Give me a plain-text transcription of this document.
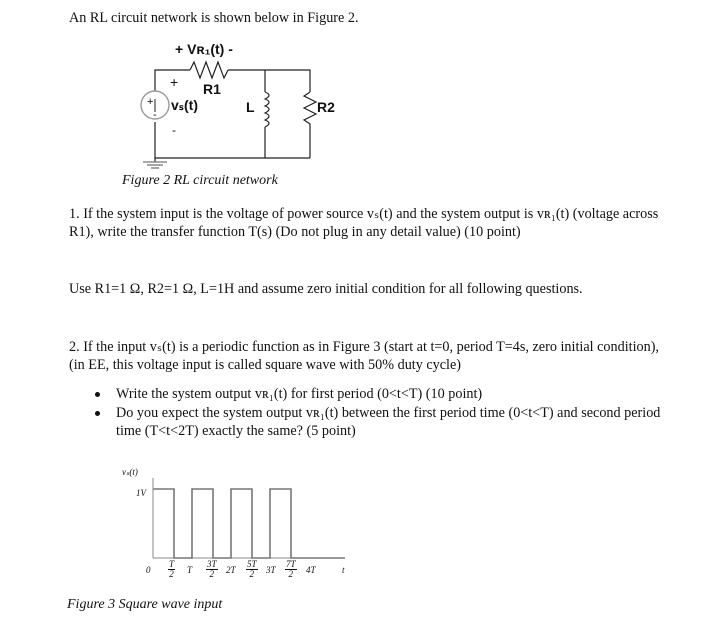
An RL circuit network is shown below in Figure 2.
+ Vʀ₁(t) -
+ R1
+ vₛ(t)
-
-
L	R2
Figure 2 RL circuit network
1. If the system input is the voltage of power source vₛ(t) and the system output is vʀ₁(t) (voltage across
R1), write the transfer function T(s) (Do not plug in any detail value) (10 point)
Use R1=1 Ω, R2=1 Ω, L=1H and assume zero initial condition for all following questions.
2. If the input vₛ(t) is a periodic function as in Figure 3 (start at t=0, period T=4s, zero initial condition),
(in EE, this voltage input is called square wave with 50% duty cycle)
Write the system output vʀ₁(t) for first period (0<t<T) (10 point)
Do you expect the system output vʀ₁(t) between the first period time (0<t<T) and second period
time (T<t<2T) exactly the same? (5 point)
vₛ(t)
1V
0
T
2 T
3T
2	2T
5T
2	3T
7T
2	4T	t
Figure 3 Square wave input
